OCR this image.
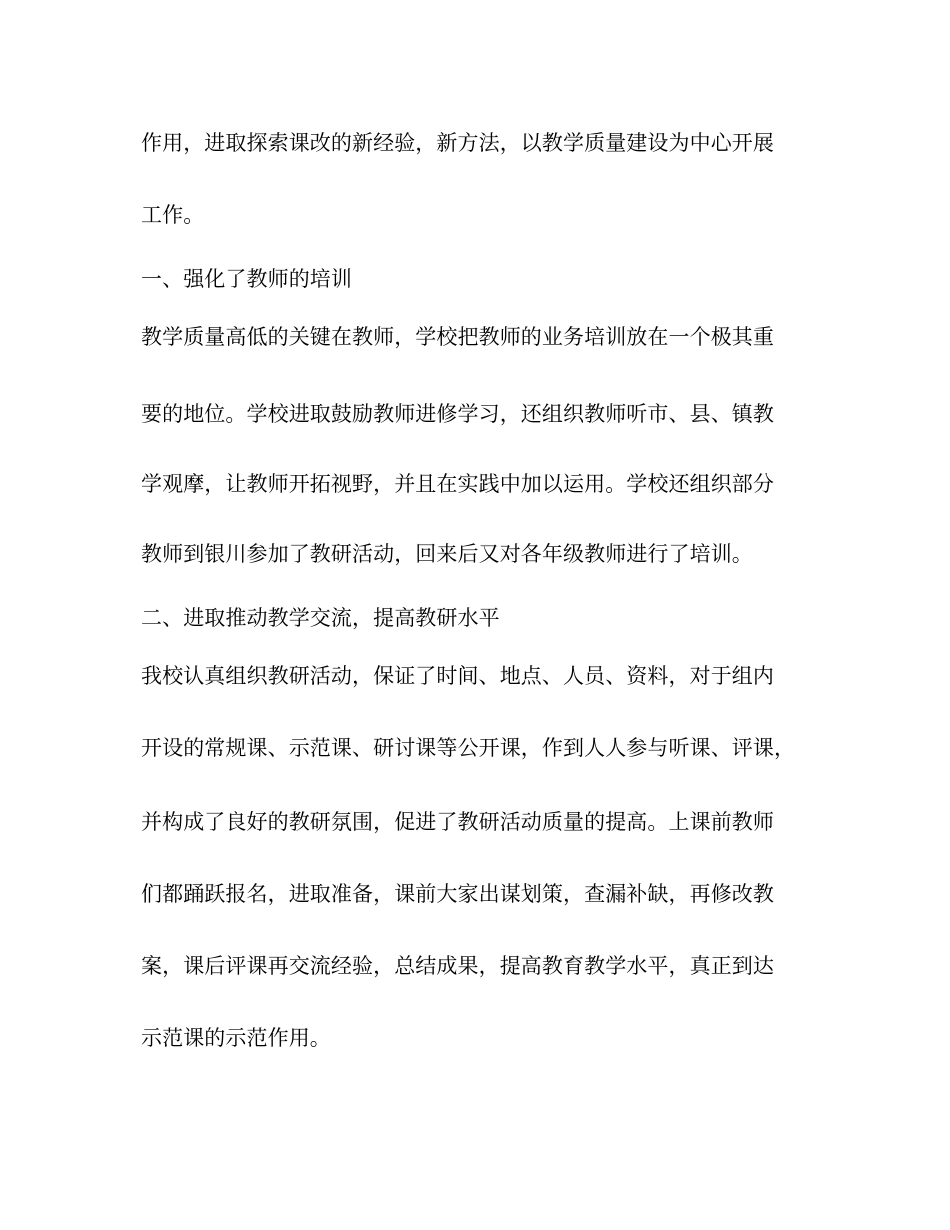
作用，进取探索课改的新经验，新方法，以教学质量建设为中心开展
工作。
一、强化了教师的培训
教学质量高低的关键在教师，学校把教师的业务培训放在一个极其重
要的地位。学校进取鼓励教师进修学习，还组织教师听市、县、镇教
学观摩，让教师开拓视野，并且在实践中加以运用。学校还组织部分
教师到银川参加了教研活动，回来后又对各年级教师进行了培训。
二、进取推动教学交流，提高教研水平
我校认真组织教研活动，保证了时间、地点、人员、资料，对于组内
开设的常规课、示范课、研讨课等公开课，作到人人参与听课、评课，
并构成了良好的教研氛围，促进了教研活动质量的提高。上课前教师
们都踊跃报名，进取准备，课前大家出谋划策，查漏补缺，再修改教
案，课后评课再交流经验，总结成果，提高教育教学水平，真正到达
示范课的示范作用。
